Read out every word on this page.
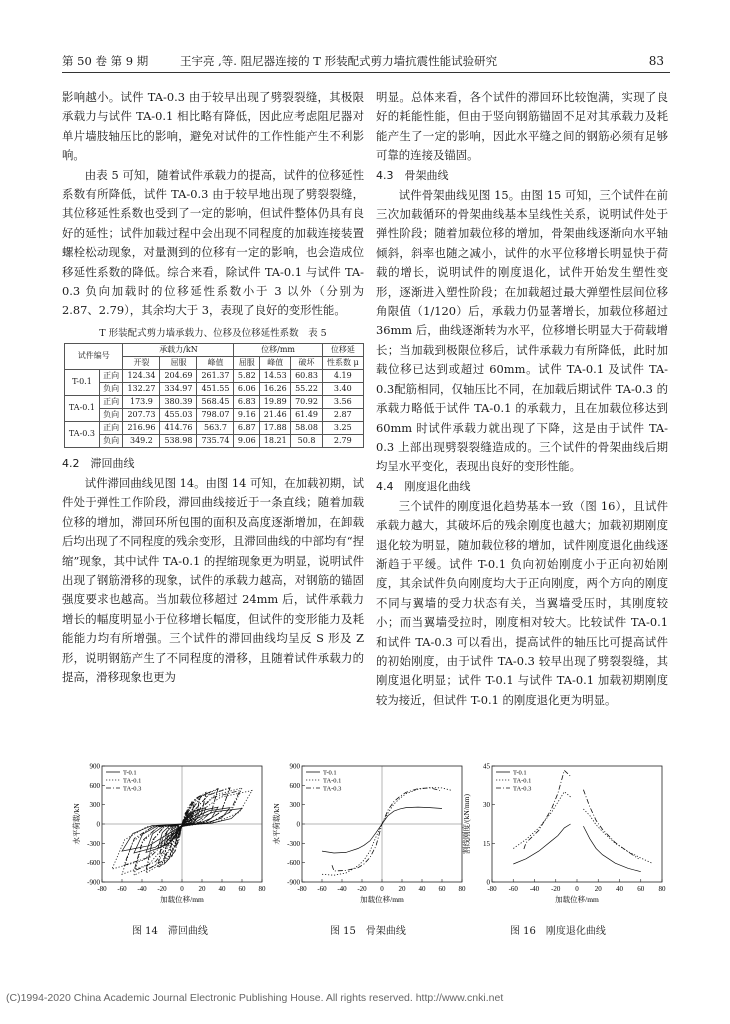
第 50 卷 第 9 期	王宇亮 ,等. 阻尼器连接的 T 形装配式剪力墙抗震性能试验研究	83

影响越小。试件 TA-0.3 由于较早出现了劈裂裂缝，其极限承载力与试件 TA-0.1 相比略有降低，因此应考虑阻尼器对单片墙肢轴压比的影响，避免对试件的工作性能产生不利影响。

由表 5 可知，随着试件承载力的提高，试件的位移延性系数有所降低，试件 TA-0.3 由于较早地出现了劈裂裂缝，其位移延性系数也受到了一定的影响，但试件整体仍具有良好的延性；试件加载过程中会出现不同程度的加载连接装置螺栓松动现象，对量测到的位移有一定的影响，也会造成位移延性系数的降低。综合来看，除试件 TA-0.1 与试件 TA-0.3 负向加载时的位移延性系数小于 3 以外（分别为 2.87、2.79），其余均大于 3，表现了良好的变形性能。

T 形装配式剪力墙承载力、位移及位移延性系数　表 5
试件编号		承载力/kN			位移/mm			位移延
		开裂	屈服	峰值	屈服	峰值	破坏	性系数 μ
T-0.1	正向	124.34	204.69	261.37	5.82	14.53	60.83	4.19
	负向	132.27	334.97	451.55	6.06	16.26	55.22	3.40
TA-0.1	正向	173.9	380.39	568.45	6.83	19.89	70.92	3.56
	负向	207.73	455.03	798.07	9.16	21.46	61.49	2.87
TA-0.3	正向	216.96	414.76	563.7	6.87	17.88	58.08	3.25
	负向	349.2	538.98	735.74	9.06	18.21	50.8	2.79

4.2　滞回曲线

试件滞回曲线见图 14。由图 14 可知，在加载初期，试件处于弹性工作阶段，滞回曲线接近于一条直线；随着加载位移的增加，滞回环所包围的面积及高度逐渐增加，在卸载后均出现了不同程度的残余变形，且滞回曲线的中部均有“捏缩”现象，其中试件 TA-0.1 的捏缩现象更为明显，说明试件出现了钢筋滑移的现象，试件的承载力越高，对钢筋的锚固强度要求也越高。当加载位移超过 24mm 后，试件承载力增长的幅度明显小于位移增长幅度，但试件的变形能力及耗能能力均有所增强。三个试件的滞回曲线均呈反 S 形及 Z 形，说明钢筋产生了不同程度的滑移，且随着试件承载力的提高，滑移现象也更为

明显。总体来看，各个试件的滞回环比较饱满，实现了良好的耗能性能，但由于竖向钢筋锚固不足对其承载力及耗能产生了一定的影响，因此水平缝之间的钢筋必须有足够可靠的连接及锚固。

4.3　骨架曲线

试件骨架曲线见图 15。由图 15 可知，三个试件在前三次加载循环的骨架曲线基本呈线性关系，说明试件处于弹性阶段；随着加载位移的增加，骨架曲线逐渐向水平轴倾斜，斜率也随之减小，试件的水平位移增长明显快于荷载的增长，说明试件的刚度退化，试件开始发生塑性变形，逐渐进入塑性阶段；在加载超过最大弹塑性层间位移角限值（1/120）后，承载力仍显著增长，加载位移超过 36mm 后，曲线逐渐转为水平，位移增长明显大于荷载增长；当加载到极限位移后，试件承载力有所降低，此时加载位移已达到或超过 60mm。试件 TA-0.1 及试件 TA-0.3配筋相同，仅轴压比不同，在加载后期试件 TA-0.3 的承载力略低于试件 TA-0.1 的承载力，且在加载位移达到 60mm 时试件承载力就出现了下降，这是由于试件 TA-0.3 上部出现劈裂裂缝造成的。三个试件的骨架曲线后期均呈水平变化，表现出良好的变形性能。

4.4　刚度退化曲线

三个试件的刚度退化趋势基本一致（图 16），且试件承载力越大，其破坏后的残余刚度也越大；加载初期刚度退化较为明显，随加载位移的增加，试件刚度退化曲线逐渐趋于平缓。试件 T-0.1 负向初始刚度小于正向初始刚度，其余试件负向刚度均大于正向刚度，两个方向的刚度不同与翼墙的受力状态有关，当翼墙受压时，其刚度较小；而当翼墙受拉时，刚度相对较大。比较试件 TA-0.1 和试件 TA-0.3 可以看出，提高试件的轴压比可提高试件的初始刚度，由于试件 TA-0.3 较早出现了劈裂裂缝，其刚度退化明显；试件 T-0.1 与试件 TA-0.1 加载初期刚度较为接近，但试件 T-0.1 的刚度退化更为明显。

-80 -60 -40 -20 0 20 40 60 80
900
600
300
0
-300
-600
-900
加载位移/mm
水平荷载/kN
T-0.1
TA-0.1
TA-0.3
-80 -60 -40 -20 0 20 40 60 80
900
600
300
0
-300
-600
-900
加载位移/mm
水平荷载/kN
T-0.1
TA-0.1
TA-0.3
-80 -60 -40 -20 0 20 40 60 80
45
30
15
0
加载位移/mm
割线刚度/(kN/mm)
T-0.1
TA-0.1
TA-0.3
图 14　滞回曲线	图 15　骨架曲线	图 16　刚度退化曲线
(C)1994-2020 China Academic Journal Electronic Publishing House. All rights reserved. http://www.cnki.net
